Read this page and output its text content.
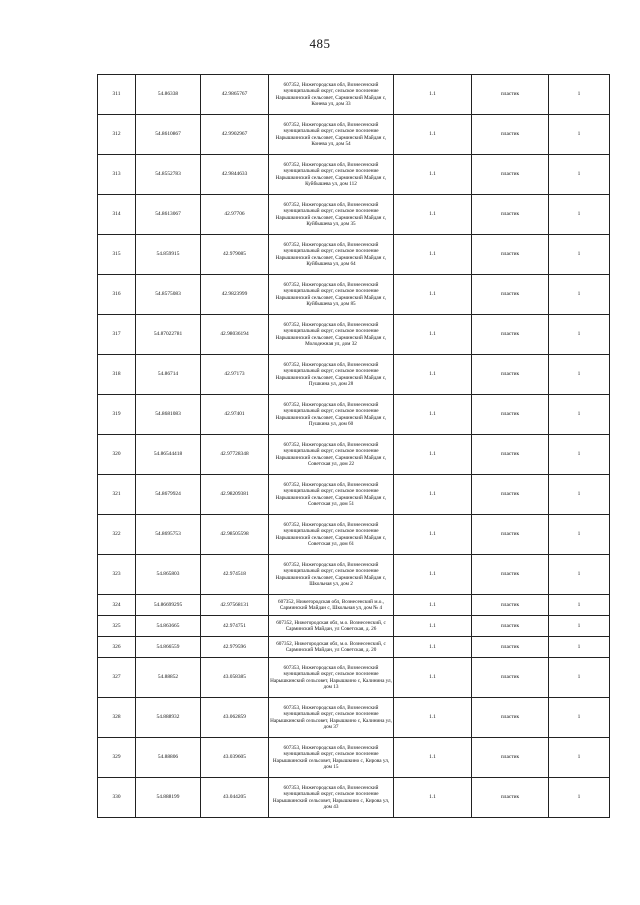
485
311	54.86338	42.9865767	607352, Нижегородская обл, Вознесенский муниципальный округ, сельское поселение Нарышкинский сельсовет, Сарминский Майдан с, Конева ул, дом 33	1.1	пластик	1
312	54.8610867	42.9902967	607352, Нижегородская обл, Вознесенский муниципальный округ, сельское поселение Нарышкинский сельсовет, Сарминский Майдан с, Конева ул, дом 54	1.1	пластик	1
313	54.8552783	42.9844633	607352, Нижегородская обл, Вознесенский муниципальный округ, сельское поселение Нарышкинский сельсовет, Сарминский Майдан с, Куйбышева ул, дом 112	1.1	пластик	1
314	54.8613067	42.97706	607352, Нижегородская обл, Вознесенский муниципальный округ, сельское поселение Нарышкинский сельсовет, Сарминский Майдан с, Куйбышева ул, дом 35	1.1	пластик	1
315	54.859915	42.979085	607352, Нижегородская обл, Вознесенский муниципальный округ, сельское поселение Нарышкинский сельсовет, Сарминский Майдан с, Куйбышева ул, дом 64	1.1	пластик	1
316	54.8575083	42.9823999	607352, Нижегородская обл, Вознесенский муниципальный округ, сельское поселение Нарышкинский сельсовет, Сарминский Майдан с, Куйбышева ул, дом 85	1.1	пластик	1
317	54.87022781	42.98036194	607352, Нижегородская обл, Вознесенский муниципальный округ, сельское поселение Нарышкинский сельсовет, Сарминский Майдан с, Молодежная ул, дом 32	1.1	пластик	1
318	54.86714	42.97173	607352, Нижегородская обл, Вознесенский муниципальный округ, сельское поселение Нарышкинский сельсовет, Сарминский Майдан с, Пушкина ул, дом 28	1.1	пластик	1
319	54.8681083	42.97401	607352, Нижегородская обл, Вознесенский муниципальный округ, сельское поселение Нарышкинский сельсовет, Сарминский Майдан с, Пушкина ул, дом 60	1.1	пластик	1
320	54.86544418	42.97728348	607352, Нижегородская обл, Вознесенский муниципальный округ, сельское поселение Нарышкинский сельсовет, Сарминский Майдан с, Советская ул, дом 22	1.1	пластик	1
321	54.8679924	42.98209381	607352, Нижегородская обл, Вознесенский муниципальный округ, сельское поселение Нарышкинский сельсовет, Сарминский Майдан с, Советская ул, дом 51	1.1	пластик	1
322	54.8695753	42.98505598	607352, Нижегородская обл, Вознесенский муниципальный округ, сельское поселение Нарышкинский сельсовет, Сарминский Майдан с, Советская ул, дом 61	1.1	пластик	1
323	54.865803	42.974518	607352, Нижегородская обл, Вознесенский муниципальный округ, сельское поселение Нарышкинский сельсовет, Сарминский Майдан с, Школьная ул, дом 2	1.1	пластик	1
324	54.86699295	42.97568131	607352, Нижегородская обл, Вознесенский м.о., Сарминский Майдан с, Школьная ул, дом № 4	1.1	пластик	1
325	54.863665	42.974751	607352, Нижегородская обл, м.о. Вознесенский, с Сарминский Майдан, ул Советская, д. 26	1.1	пластик	1
326	54.866559	42.979596	607352, Нижегородская обл, м.о. Вознесенский, с Сарминский Майдан, ул Советская, д. 20	1.1	пластик	1
327	54.88852	43.058385	607353, Нижегородская обл, Вознесенский муниципальный округ, сельское поселение Нарышкинский сельсовет, Нарышкино с, Калинина ул, дом 13	1.1	пластик	1
328	54.888932	43.062859	607353, Нижегородская обл, Вознесенский муниципальный округ, сельское поселение Нарышкинский сельсовет, Нарышкино с, Калинина ул, дом 37	1.1	пластик	1
329	54.88806	43.039605	607353, Нижегородская обл, Вознесенский муниципальный округ, сельское поселение Нарышкинский сельсовет, Нарышкино с, Кирова ул, дом 15	1.1	пластик	1
330	54.888199	43.044205	607353, Нижегородская обл, Вознесенский муниципальный округ, сельское поселение Нарышкинский сельсовет, Нарышкино с, Кирова ул, дом 43	1.1	пластик	1
